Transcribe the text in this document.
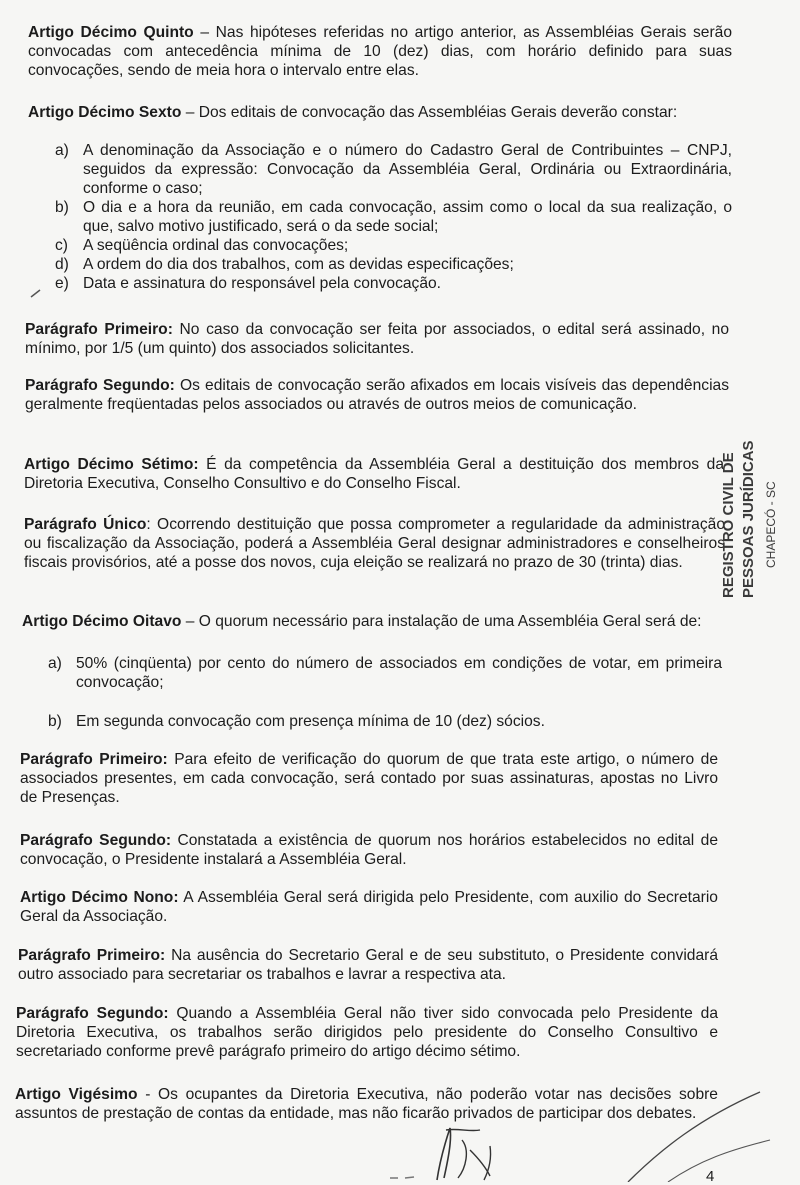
Artigo Décimo Quinto – Nas hipóteses referidas no artigo anterior, as Assembléias Gerais serão convocadas com antecedência mínima de 10 (dez) dias, com horário definido para suas convocações, sendo de meia hora o intervalo entre elas.
Artigo Décimo Sexto – Dos editais de convocação das Assembléias Gerais deverão constar:
a) A denominação da Associação e o número do Cadastro Geral de Contribuintes – CNPJ, seguidos da expressão: Convocação da Assembléia Geral, Ordinária ou Extraordinária, conforme o caso;
b) O dia e a hora da reunião, em cada convocação, assim como o local da sua realização, o que, salvo motivo justificado, será o da sede social;
c) A seqüência ordinal das convocações;
d) A ordem do dia dos trabalhos, com as devidas especificações;
e) Data e assinatura do responsável pela convocação.
Parágrafo Primeiro: No caso da convocação ser feita por associados, o edital será assinado, no mínimo, por 1/5 (um quinto) dos associados solicitantes.
Parágrafo Segundo: Os editais de convocação serão afixados em locais visíveis das dependências geralmente freqüentadas pelos associados ou através de outros meios de comunicação.
Artigo Décimo Sétimo: É da competência da Assembléia Geral a destituição dos membros da Diretoria Executiva, Conselho Consultivo e do Conselho Fiscal.
Parágrafo Único: Ocorrendo destituição que possa comprometer a regularidade da administração ou fiscalização da Associação, poderá a Assembléia Geral designar administradores e conselheiros fiscais provisórios, até a posse dos novos, cuja eleição se realizará no prazo de 30 (trinta) dias.
Artigo Décimo Oitavo – O quorum necessário para instalação de uma Assembléia Geral será de:
a) 50% (cinqüenta) por cento do número de associados em condições de votar, em primeira convocação;
b) Em segunda convocação com presença mínima de 10 (dez) sócios.
Parágrafo Primeiro: Para efeito de verificação do quorum de que trata este artigo, o número de associados presentes, em cada convocação, será contado por suas assinaturas, apostas no Livro de Presenças.
Parágrafo Segundo: Constatada a existência de quorum nos horários estabelecidos no edital de convocação, o Presidente instalará a Assembléia Geral.
Artigo Décimo Nono: A Assembléia Geral será dirigida pelo Presidente, com auxilio do Secretario Geral da Associação.
Parágrafo Primeiro: Na ausência do Secretario Geral e de seu substituto, o Presidente convidará outro associado para secretariar os trabalhos e lavrar a respectiva ata.
Parágrafo Segundo: Quando a Assembléia Geral não tiver sido convocada pelo Presidente da Diretoria Executiva, os trabalhos serão dirigidos pelo presidente do Conselho Consultivo e secretariado conforme prevê parágrafo primeiro do artigo décimo sétimo.
Artigo Vigésimo - Os ocupantes da Diretoria Executiva, não poderão votar nas decisões sobre assuntos de prestação de contas da entidade, mas não ficarão privados de participar dos debates.
REGISTRO CIVIL DE PESSOAS JURÍDICAS CHAPECÓ - SC
4
